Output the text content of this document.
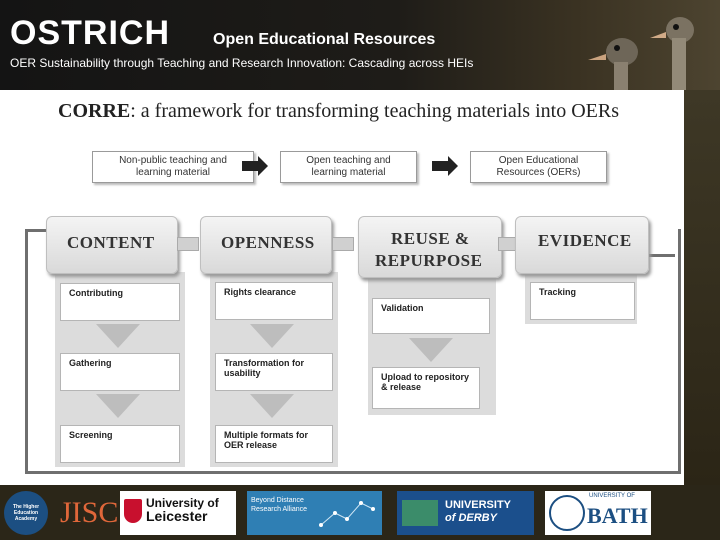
OSTRICH	Open Educational Resources
OER Sustainability through Teaching and Research Innovation: Cascading across HEIs
CORRE: a framework for transforming teaching materials into OERs
Non-public teaching and learning material
Open teaching and learning material
Open Educational Resources (OERs)
CONTENT	OPENNESS	REUSE &
REPURPOSE
EVIDENCE
Contributing
Gathering
Screening
Rights clearance
Transformation for usability
Multiple formats for OER release
Validation
Upload to repository & release
Tracking
The Higher Education Academy JISC University of
Leicester
Beyond Distance
Research Alliance	UNIVERSITY
of DERBY
UNIVERSITY OF
BATH
